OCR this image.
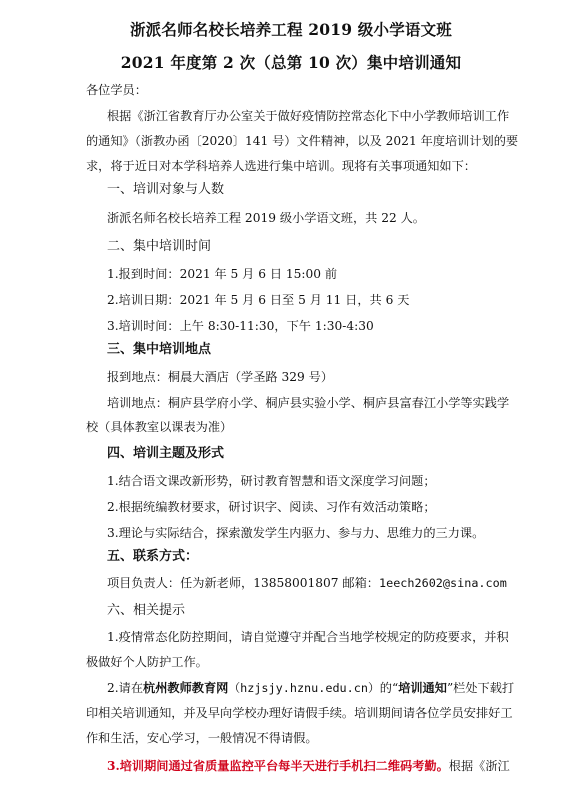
浙派名师名校长培养工程 2019 级小学语文班
2021 年度第 2 次（总第 10 次）集中培训通知
各位学员：
根据《浙江省教育厅办公室关于做好疫情防控常态化下中小学教师培训工作
的通知》（浙教办函〔2020〕141 号）文件精神，以及 2021 年度培训计划的要
求，将于近日对本学科培养人选进行集中培训。现将有关事项通知如下：
一、培训对象与人数
浙派名师名校长培养工程 2019 级小学语文班，共 22 人。
二、集中培训时间
1.报到时间：2021 年 5 月 6 日 15:00 前
2.培训日期：2021 年 5 月 6 日至 5 月 11 日，共 6 天
3.培训时间：上午 8:30-11:30，下午 1:30-4:30
三、集中培训地点
报到地点：桐晨大酒店（学圣路 329 号）
培训地点：桐庐县学府小学、桐庐县实验小学、桐庐县富春江小学等实践学
校（具体教室以课表为准）
四、培训主题及形式
1.结合语文课改新形势，研讨教育智慧和语文深度学习问题；
2.根据统编教材要求，研讨识字、阅读、习作有效活动策略；
3.理论与实际结合，探索激发学生内驱力、参与力、思维力的三力课。
五、联系方式：
项目负责人：任为新老师，13858001807 邮箱：1eech2602@sina.com
六、相关提示
1.疫情常态化防控期间，请自觉遵守并配合当地学校规定的防疫要求，并积
极做好个人防护工作。
2.请在杭州教师教育网（hzjsjy.hznu.edu.cn）的“培训通知”栏处下载打
印相关培训通知，并及早向学校办理好请假手续。培训期间请各位学员安排好工
作和生活，安心学习，一般情况不得请假。
3.培训期间通过省质量监控平台每半天进行手机扫二维码考勤。根据《浙江
